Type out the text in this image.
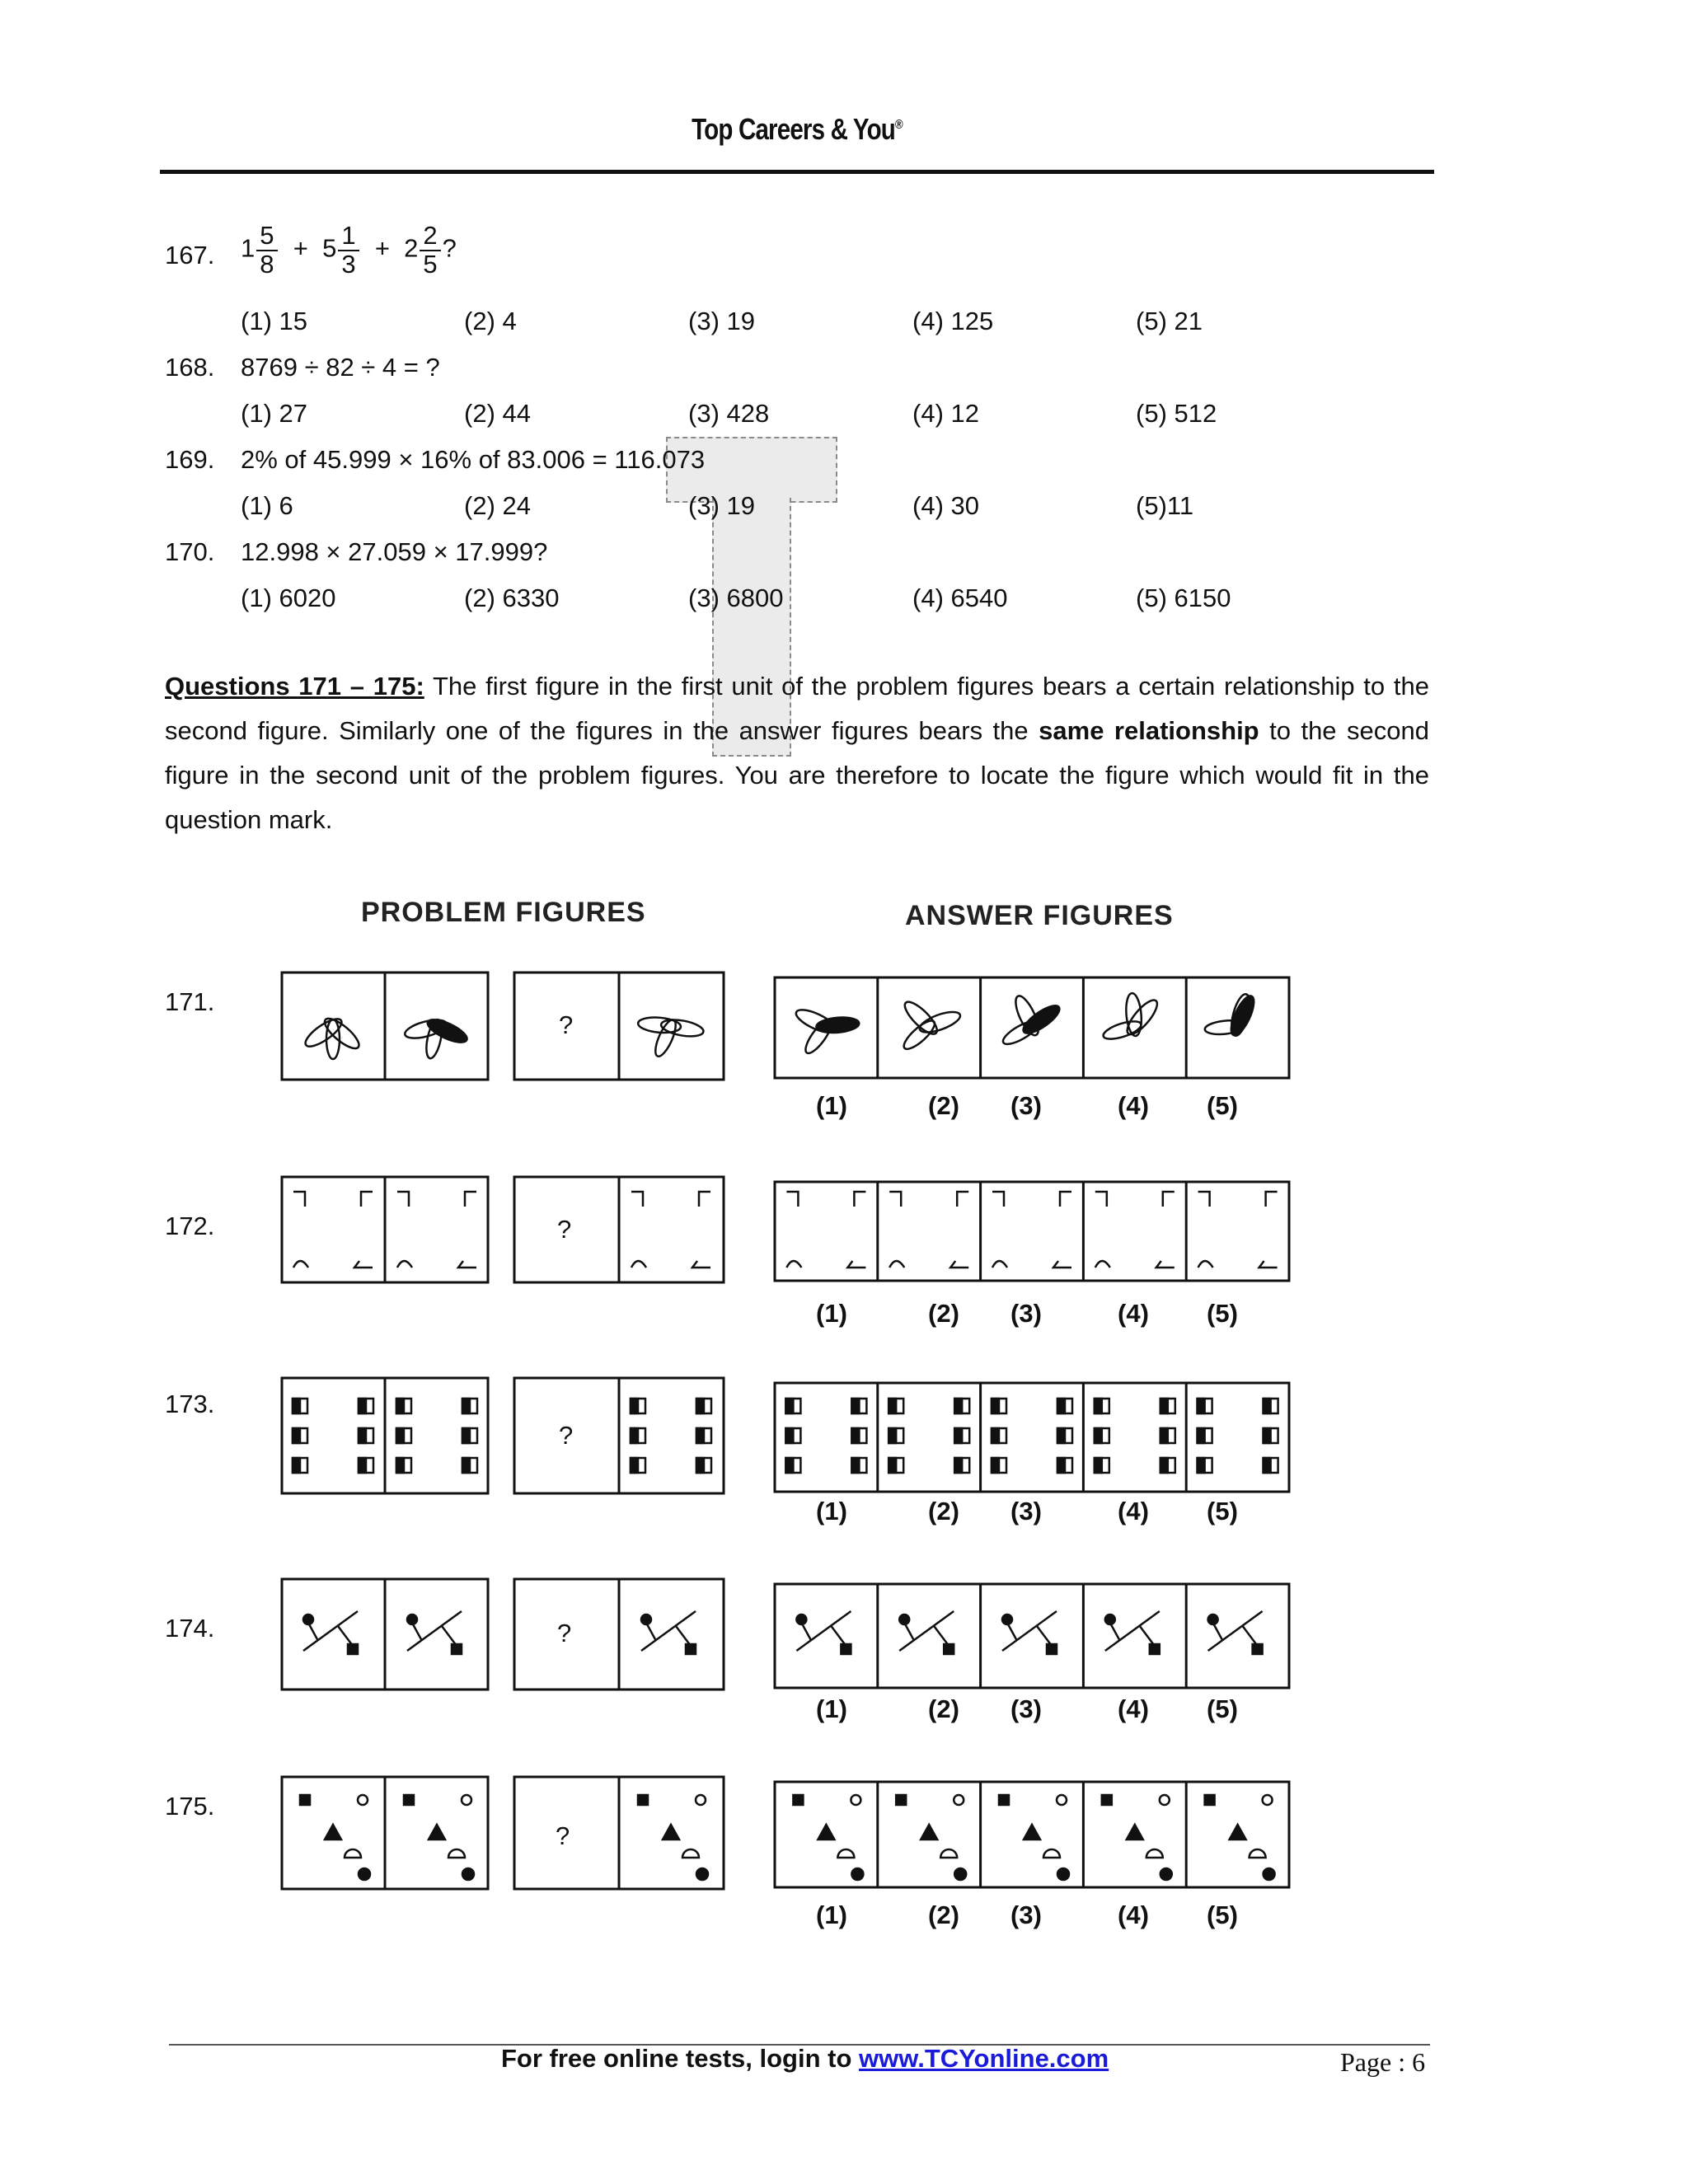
Top Careers & You®
167. $1 \frac{5}{8} + 5 \frac{1}{3} + 2 \frac{2}{5}$ ?
(1) 15	(2) 4	(3) 19	(4) 125	(5) 21
168. 8769 ÷ 82 ÷ 4 = ?
(1) 27	(2) 44	(3) 428	(4) 12	(5) 512
169. 2% of 45.999 × 16% of 83.006 = 116.073
(1) 6	(2) 24	(3) 19	(4) 30	(5)11
170. 12.998 × 27.059 × 17.999?
(1) 6020	(2) 6330	(3) 6800	(4) 6540	(5) 6150
Questions 171 – 175: The first figure in the first unit of the problem figures bears a certain relationship to the second figure. Similarly one of the figures in the answer figures bears the same relationship to the second figure in the second unit of the problem figures. You are therefore to locate the figure which would fit in the question mark.
PROBLEM FIGURES	ANSWER FIGURES
171.
172.
173.
174.
175.
?
?
?
?
?
(1)	(2) (3)	(4) (5)
(1)	(2) (3)	(4) (5)
(1)	(2) (3)	(4) (5)
(1)	(2) (3)	(4) (5)
(1)	(2) (3)	(4) (5)
For free online tests, login to www.TCYonline.com	Page : 6
